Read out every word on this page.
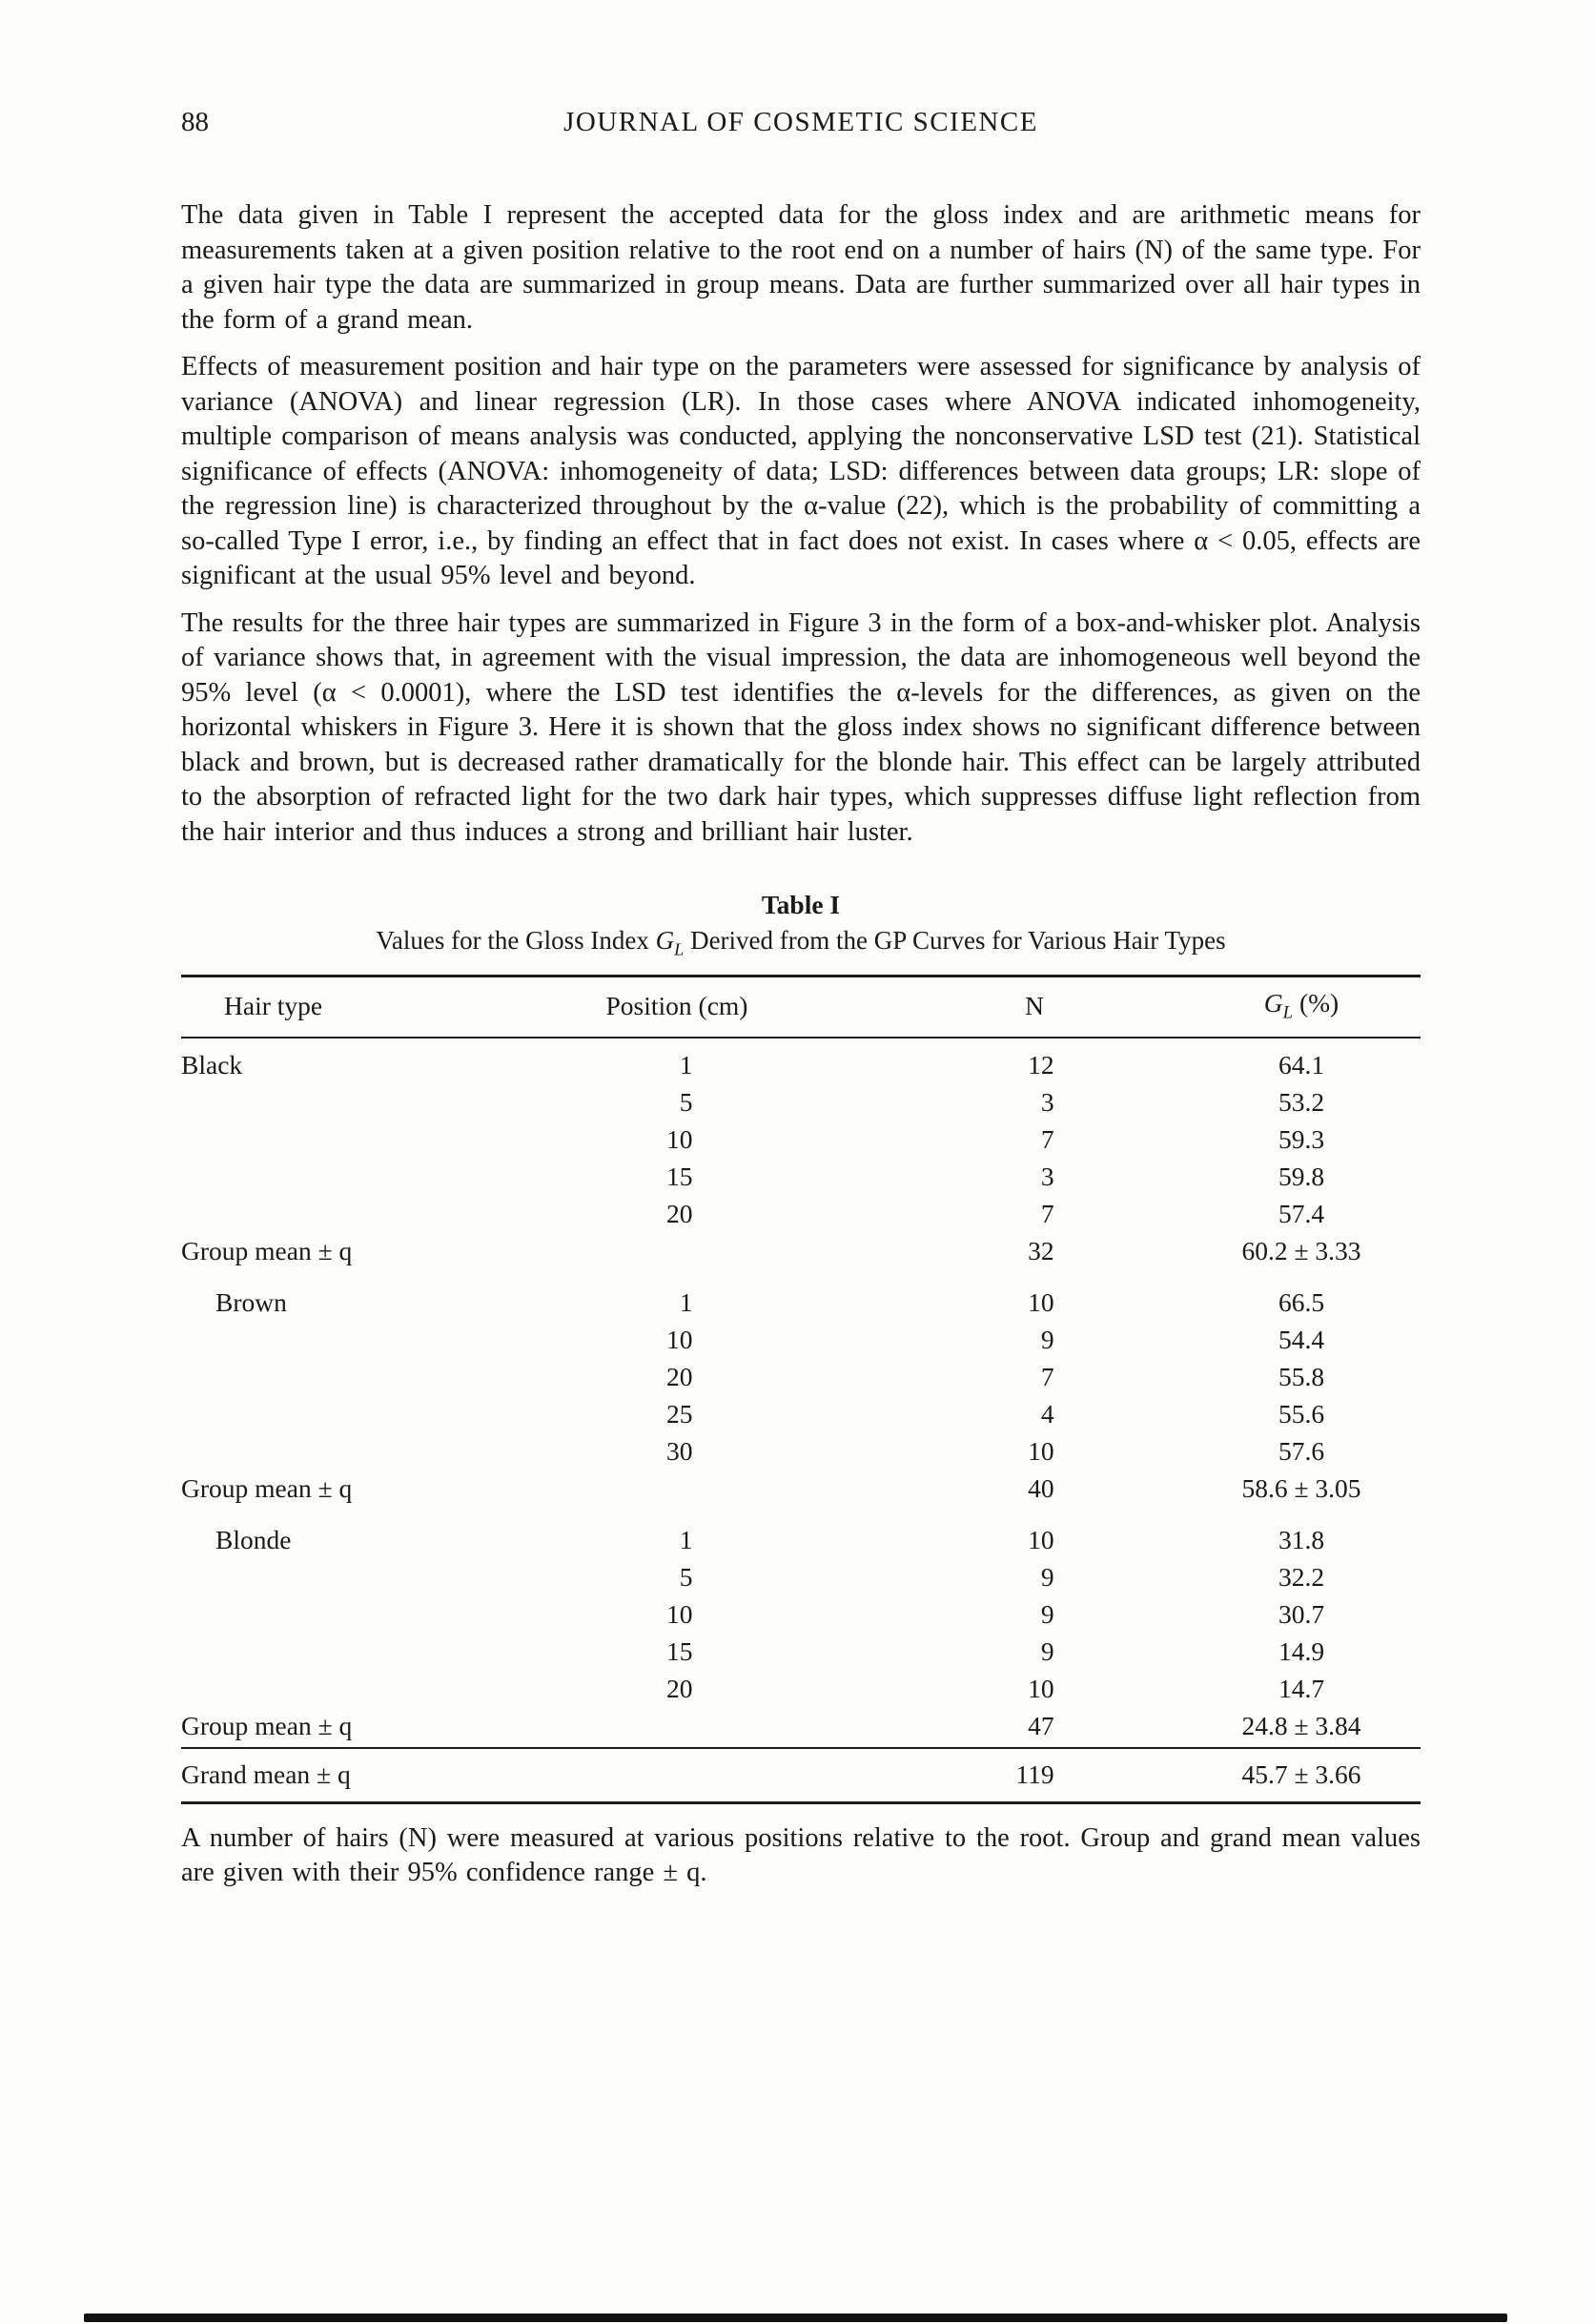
88	JOURNAL OF COSMETIC SCIENCE

The data given in Table I represent the accepted data for the gloss index and are arithmetic means for measurements taken at a given position relative to the root end on a number of hairs (N) of the same type. For a given hair type the data are summarized in group means. Data are further summarized over all hair types in the form of a grand mean.

Effects of measurement position and hair type on the parameters were assessed for significance by analysis of variance (ANOVA) and linear regression (LR). In those cases where ANOVA indicated inhomogeneity, multiple comparison of means analysis was conducted, applying the nonconservative LSD test (21). Statistical significance of effects (ANOVA: inhomogeneity of data; LSD: differences between data groups; LR: slope of the regression line) is characterized throughout by the α-value (22), which is the probability of committing a so-called Type I error, i.e., by finding an effect that in fact does not exist. In cases where α < 0.05, effects are significant at the usual 95% level and beyond.

The results for the three hair types are summarized in Figure 3 in the form of a box-and-whisker plot. Analysis of variance shows that, in agreement with the visual impression, the data are inhomogeneous well beyond the 95% level (α < 0.0001), where the LSD test identifies the α-levels for the differences, as given on the horizontal whiskers in Figure 3. Here it is shown that the gloss index shows no significant difference between black and brown, but is decreased rather dramatically for the blonde hair. This effect can be largely attributed to the absorption of refracted light for the two dark hair types, which suppresses diffuse light reflection from the hair interior and thus induces a strong and brilliant hair luster.

Table I
Values for the Gloss Index $G_L$ Derived from the GP Curves for Various Hair Types
Hair type	Position (cm)	N	$G_L$ (%)
Black	1	12	64.1
	5	3	53.2
	10	7	59.3
	15	3	59.8
	20	7	57.4
Group mean ± q		32	60.2 ± 3.33
Brown	1	10	66.5
	10	9	54.4
	20	7	55.8
	25	4	55.6
	30	10	57.6
Group mean ± q		40	58.6 ± 3.05
Blonde	1	10	31.8
	5	9	32.2
	10	9	30.7
	15	9	14.9
	20	10	14.7
Group mean ± q		47	24.8 ± 3.84
Grand mean ± q		119	45.7 ± 3.66

A number of hairs (N) were measured at various positions relative to the root. Group and grand mean values are given with their 95% confidence range ± q.
